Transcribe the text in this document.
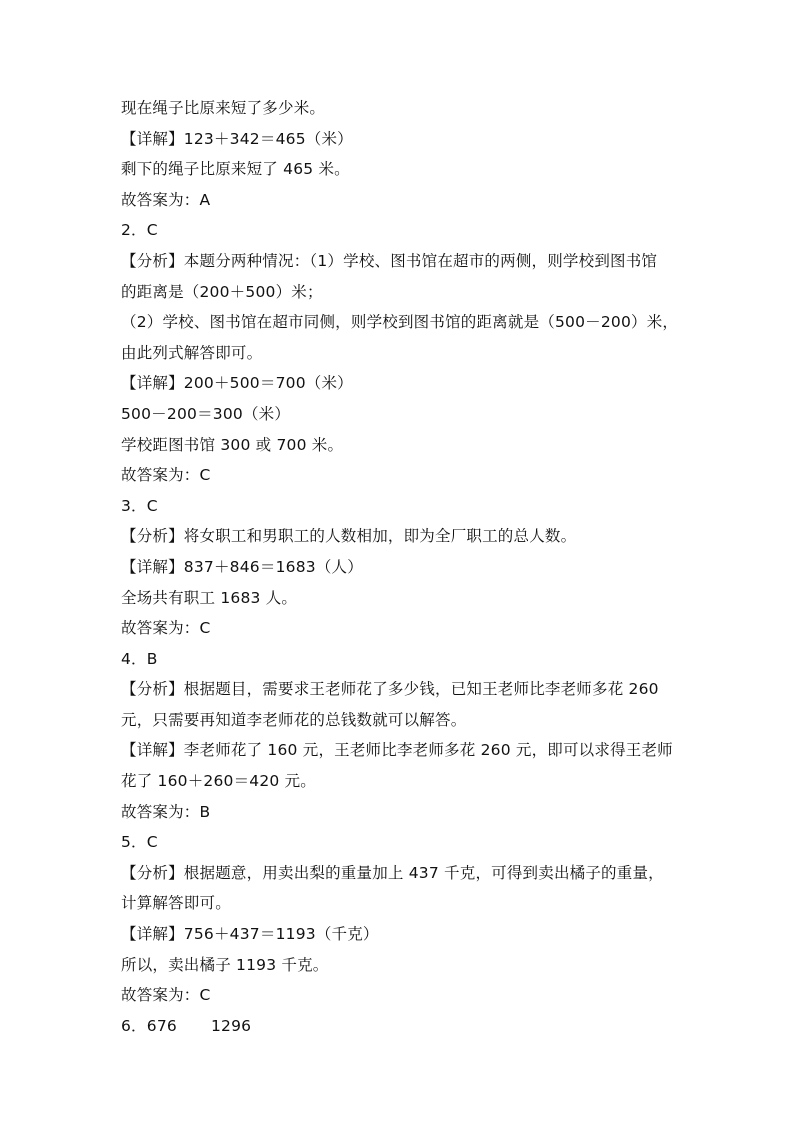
现在绳子比原来短了多少米。
【详解】123＋342＝465（米）
剩下的绳子比原来短了 465 米。
故答案为：A
2．C
【分析】本题分两种情况：（1）学校、图书馆在超市的两侧，则学校到图书馆
的距离是（200＋500）米；
（2）学校、图书馆在超市同侧，则学校到图书馆的距离就是（500－200）米，
由此列式解答即可。
【详解】200＋500＝700（米）
500－200＝300（米）
学校距图书馆 300 或 700 米。
故答案为：C
3．C
【分析】将女职工和男职工的人数相加，即为全厂职工的总人数。
【详解】837＋846＝1683（人）
全场共有职工 1683 人。
故答案为：C
4．B
【分析】根据题目，需要求王老师花了多少钱，已知王老师比李老师多花 260
元，只需要再知道李老师花的总钱数就可以解答。
【详解】李老师花了 160 元，王老师比李老师多花 260 元，即可以求得王老师
花了 160＋260＝420 元。
故答案为：B
5．C
【分析】根据题意，用卖出梨的重量加上 437 千克，可得到卖出橘子的重量，
计算解答即可。
【详解】756＋437＝1193（千克）
所以，卖出橘子 1193 千克。
故答案为：C
6．676 1296
